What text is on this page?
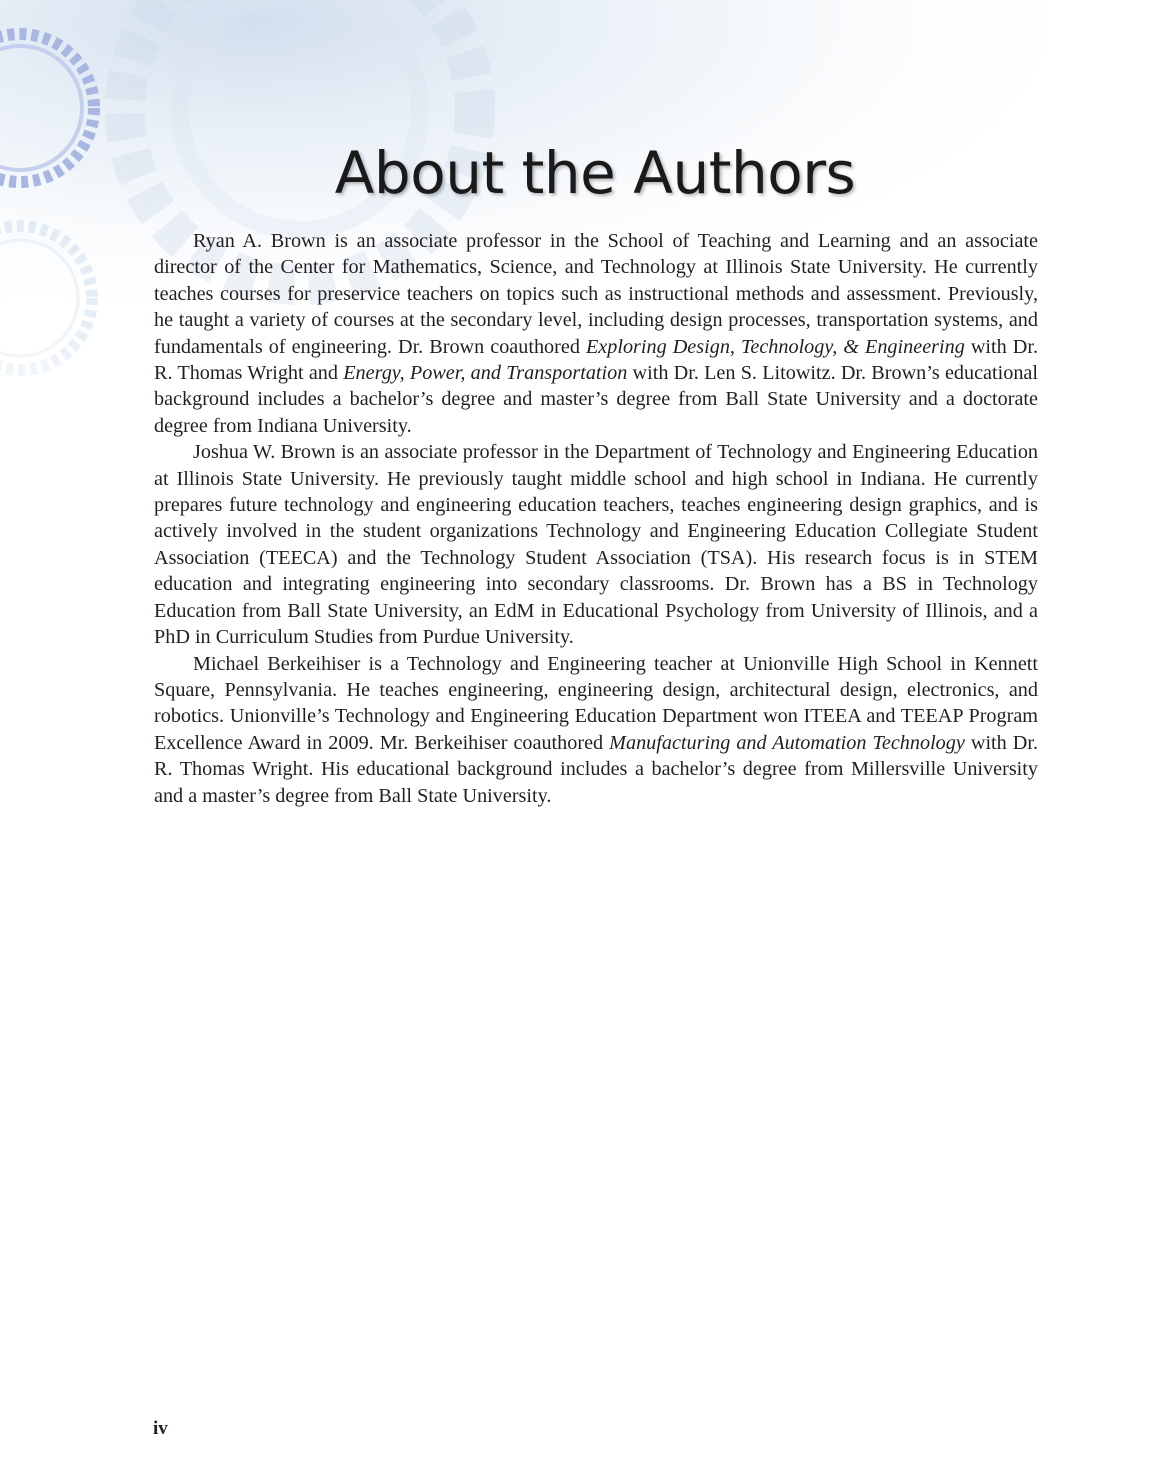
About the Authors

Ryan A. Brown is an associate professor in the School of Teaching and Learning and an associate director of the Center for Mathematics, Science, and Technology at Illinois State University. He currently teaches courses for preservice teachers on topics such as instructional methods and assessment. Previously, he taught a variety of courses at the secondary level, including design processes, transportation systems, and fundamentals of engineering. Dr. Brown coauthored Exploring Design, Technology, & Engineering with Dr. R. Thomas Wright and Energy, Power, and Transportation with Dr. Len S. Litowitz. Dr. Brown’s educational background includes a bachelor’s degree and master’s degree from Ball State University and a doctorate degree from Indiana University.

Joshua W. Brown is an associate professor in the Department of Technology and Engineering Education at Illinois State University. He previously taught middle school and high school in Indiana. He currently prepares future technology and engineering education teachers, teaches engineering design graphics, and is actively involved in the student organizations Technology and Engineering Education Collegiate Student Association (TEECA) and the Technology Student Association (TSA). His research focus is in STEM education and integrating engineering into secondary classrooms. Dr. Brown has a BS in Technology Education from Ball State University, an EdM in Educational Psychology from University of Illinois, and a PhD in Curriculum Studies from Purdue University.

Michael Berkeihiser is a Technology and Engineering teacher at Unionville High School in Kennett Square, Pennsylvania. He teaches engineering, engineering design, architectural design, electronics, and robotics. Unionville’s Technology and Engineering Education Department won ITEEA and TEEAP Program Excellence Award in 2009. Mr. Berkeihiser coauthored Manufacturing and Automation Technology with Dr. R. Thomas Wright. His educational background includes a bachelor’s degree from Millersville University and a master’s degree from Ball State University.

iv
